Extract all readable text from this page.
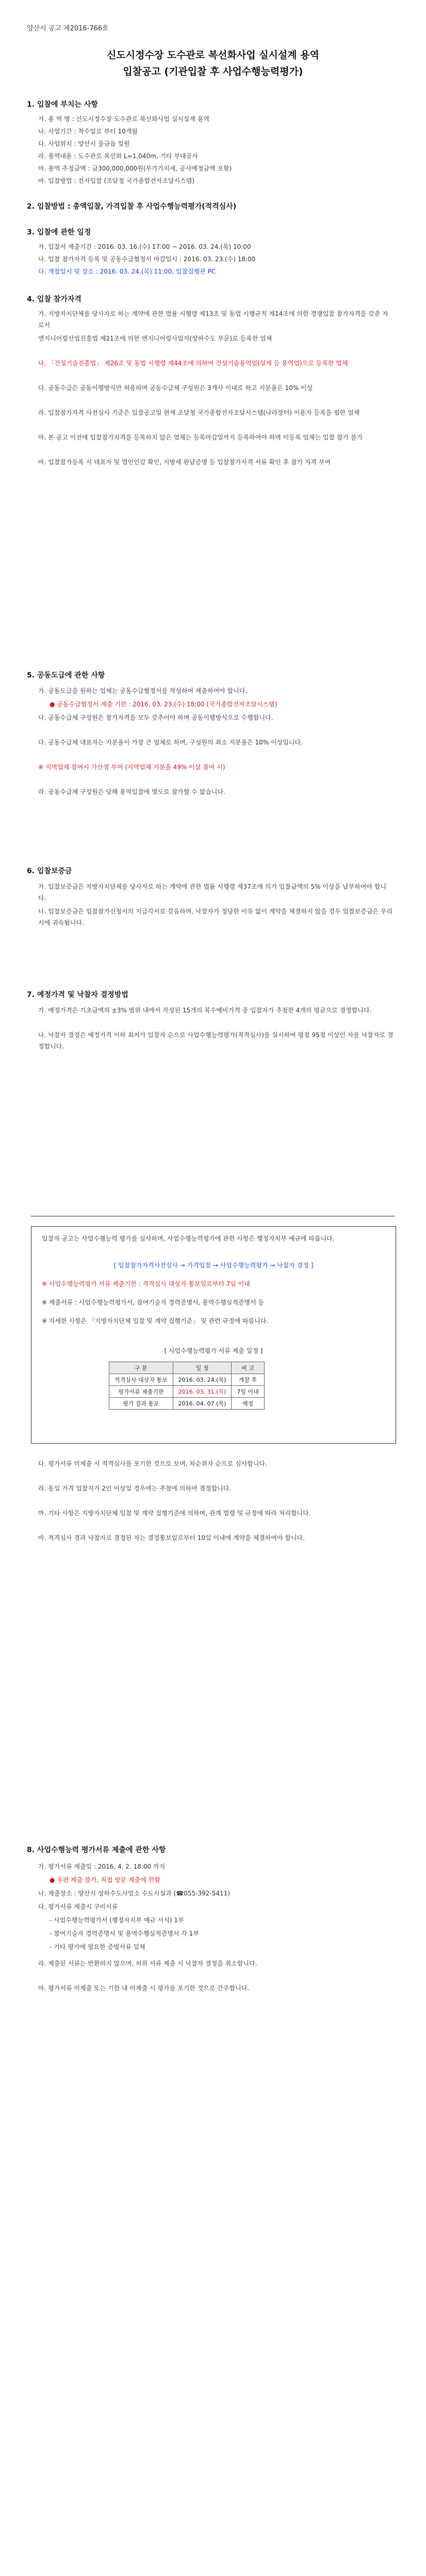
양산시 공고 제2016-766호
신도시정수장 도수관로 복선화사업 실시설계 용역
입찰공고 (기관입찰 후 사업수행능력평가)
1. 입찰에 부치는 사항
가. 용 역 명 : 신도시정수장 도수관로 복선화사업 실시설계 용역
나. 사업기간 : 착수일로 부터 10개월
다. 사업위치 : 양산시 물금읍 일원
라. 용역내용 : 도수관로 복선화 L=1,040m, 기타 부대공사
마. 용역 추정금액 : 금300,000,000원(부가가치세, 공사예정금액 포함)
바. 입찰방법 : 전자입찰 (조달청 국가종합전자조달시스템)
2. 입찰방법 : 총액입찰, 가격입찰 후 사업수행능력평가(적격심사)
3. 입찰에 관한 일정
가. 입찰서 제출기간 : 2016. 03. 16.(수) 17:00 ~ 2016. 03. 24.(목) 10:00
나. 입찰 참가자격 등록 및 공동수급협정서 마감일시 : 2016. 03. 23.(수) 18:00
다. 개찰일시 및 장소 : 2016. 03. 24.(목) 11:00, 입찰집행관 PC
4. 입찰 참가자격
가. 지방자치단체를 당사자로 하는 계약에 관한 법률 시행령 제13조 및 동법 시행규칙 제14조에 의한 경쟁입찰 참가자격을 갖춘 자로서
엔지니어링산업진흥법 제21조에 의한 엔지니어링사업자(상하수도 부문)로 등록한 업체
나. 「건설기술진흥법」 제26조 및 동법 시행령 제44조에 의하여 건설기술용역업(설계 등 용역업)으로 등록한 업체
다. 공동수급은 공동이행방식만 허용하며 공동수급체 구성원은 3개사 이내로 하고 지분율은 10% 이상
라. 입찰참가자격 사전심사 기준은 입찰공고일 현재 조달청 국가종합전자조달시스템(나라장터) 이용자 등록을 필한 업체
마. 본 공고 이전에 입찰참가자격을 등록하지 않은 업체는 등록마감일까지 등록하여야 하며 미등록 업체는 입찰 참가 불가
바. 입찰참가등록 시 대표자 및 법인인감 확인, 지방세 완납증명 등 입찰참가자격 서류 확인 후 참가 자격 부여
5. 공동도급에 관한 사항
가. 공동도급을 원하는 업체는 공동수급협정서를 작성하여 제출하여야 합니다.
● 공동수급협정서 제출 기한 : 2016. 03. 23.(수) 18:00 (국가종합전자조달시스템)
나. 공동수급체 구성원은 참가자격을 모두 갖추어야 하며 공동이행방식으로 수행합니다.
다. 공동수급체 대표자는 지분율이 가장 큰 업체로 하며, 구성원의 최소 지분율은 10% 이상입니다.
※ 지역업체 참여시 가산점 부여 (지역업체 지분율 49% 이상 참여 시)
라. 공동수급체 구성원은 당해 용역입찰에 별도로 참가할 수 없습니다.
6. 입찰보증금
가. 입찰보증금은 지방자치단체를 당사자로 하는 계약에 관한 법률 시행령 제37조에 의거 입찰금액의 5% 이상을 납부하여야 합니다.
나. 입찰보증금은 입찰참가신청서의 지급각서로 갈음하며, 낙찰자가 정당한 이유 없이 계약을 체결하지 않을 경우 입찰보증금은 우리시에 귀속됩니다.
7. 예정가격 및 낙찰자 결정방법
가. 예정가격은 기초금액의 ±3% 범위 내에서 작성된 15개의 복수예비가격 중 입찰자가 추첨한 4개의 평균으로 결정합니다.
나. 낙찰자 결정은 예정가격 이하 최저가 입찰자 순으로 사업수행능력평가(적격심사)를 실시하여 평점 95점 이상인 자를 낙찰자로 결정합니다.
입찰자 공고는 사업수행능력 평가를 심사하며, 사업수행능력평가에 관한 사항은 행정자치부 예규에 따릅니다.
[ 입찰참가자격사전심사 → 가격입찰 → 사업수행능력평가 → 낙찰자 결정 ]
※ 사업수행능력평가 서류 제출기한 : 적격심사 대상자 통보일로부터 7일 이내
※ 제출서류 : 사업수행능력평가서, 참여기술자 경력증명서, 용역수행실적증명서 등
※ 자세한 사항은 「지방자치단체 입찰 및 계약 집행기준」 및 관련 규정에 따릅니다.
[ 사업수행능력평가 서류 제출 일정 ]
구 분	일 정	비 고
적격심사 대상자 통보	2016. 03. 24.(목)	개찰 후
평가서류 제출기한	2016. 03. 31.(목)	7일 이내
평가 결과 통보	2016. 04. 07.(목)	예정
다. 평가서류 미제출 시 적격심사를 포기한 것으로 보며, 차순위자 순으로 심사합니다.
라. 동일 가격 입찰자가 2인 이상일 경우에는 추첨에 의하여 결정합니다.
마. 기타 사항은 지방자치단체 입찰 및 계약 집행기준에 의하며, 관계 법령 및 규정에 따라 처리합니다.
바. 적격심사 결과 낙찰자로 결정된 자는 결정통보일로부터 10일 이내에 계약을 체결하여야 합니다.
8. 사업수행능력 평가서류 제출에 관한 사항
가. 평가서류 제출일 : 2016. 4. 2. 18:00 까지
● 우편 제출 불가, 직접 방문 제출에 한함
나. 제출장소 : 양산시 상하수도사업소 수도시설과 (☎055-392-5411)
다. 평가서류 제출시 구비서류
- 사업수행능력평가서 (행정자치부 예규 서식) 1부
- 참여기술자 경력증명서 및 용역수행실적증명서 각 1부
- 기타 평가에 필요한 증빙서류 일체
라. 제출된 서류는 반환하지 않으며, 허위 서류 제출 시 낙찰자 결정을 취소합니다.
마. 평가서류 미제출 또는 기한 내 미제출 시 평가를 포기한 것으로 간주합니다.
